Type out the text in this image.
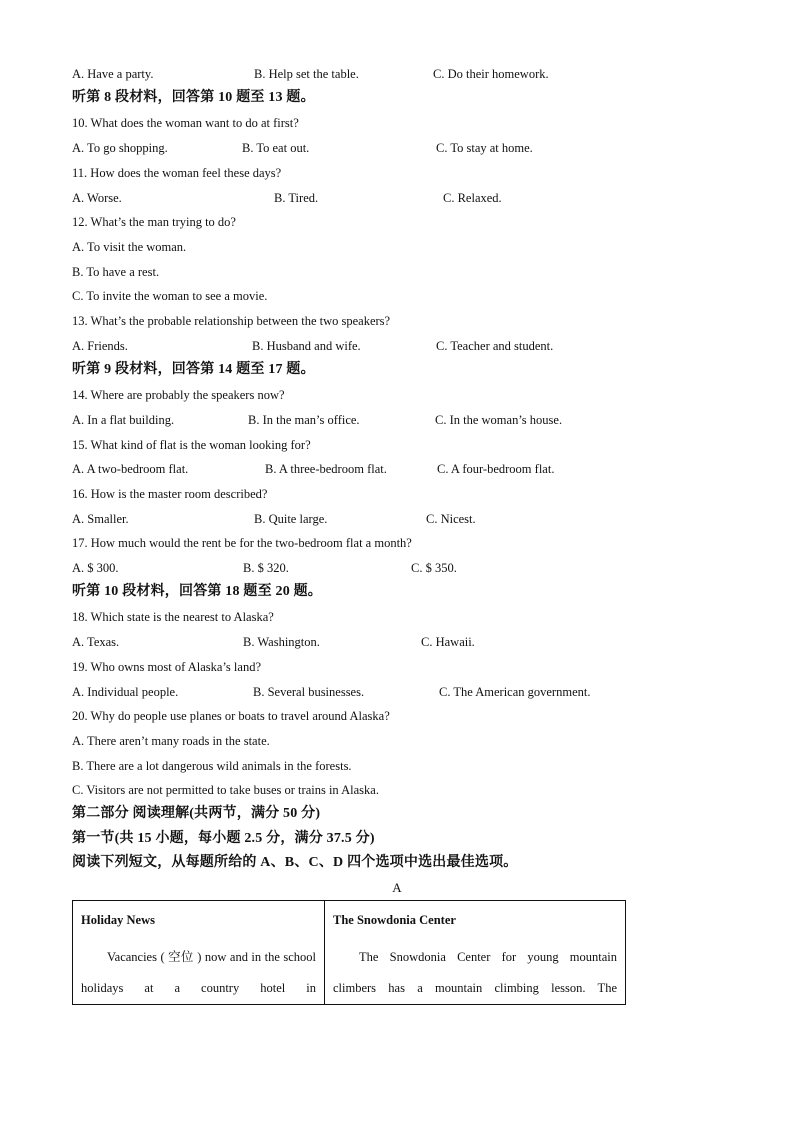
A. Have a party.	B. Help set the table.	C. Do their homework.
听第 8 段材料，回答第 10 题至 13 题。
10. What does the woman want to do at first?
A. To go shopping.	B. To eat out.	C. To stay at home.
11. How does the woman feel these days?
A. Worse.	B. Tired.	C. Relaxed.
12. What’s the man trying to do?
A. To visit the woman.
B. To have a rest.
C. To invite the woman to see a movie.
13. What’s the probable relationship between the two speakers?
A. Friends.	B. Husband and wife.	C. Teacher and student.
听第 9 段材料，回答第 14 题至 17 题。
14. Where are probably the speakers now?
A. In a flat building.	B. In the man’s office.	C. In the woman’s house.
15. What kind of flat is the woman looking for?
A. A two-bedroom flat.	B. A three-bedroom flat.	C. A four-bedroom flat.
16. How is the master room described?
A. Smaller.	B. Quite large.	C. Nicest.
17. How much would the rent be for the two-bedroom flat a month?
A. $ 300.	B. $ 320.	C. $ 350.
听第 10 段材料，回答第 18 题至 20 题。
18. Which state is the nearest to Alaska?
A. Texas.	B. Washington.	C. Hawaii.
19. Who owns most of Alaska’s land?
A. Individual people.	B. Several businesses.	C. The American government.
20. Why do people use planes or boats to travel around Alaska?
A. There aren’t many roads in the state.
B. There are a lot dangerous wild animals in the forests.
C. Visitors are not permitted to take buses or trains in Alaska.
第二部分 阅读理解(共两节，满分 50 分)
第一节(共 15 小题，每小题 2.5 分，满分 37.5 分)
阅读下列短文，从每题所给的 A、B、C、D 四个选项中选出最佳选项。
A
Holiday News
Vacancies ( 空位 ) now and in the school holidays at a country hotel in

The Snowdonia Center
The Snowdonia Center for young mountain climbers has a mountain climbing lesson. The
